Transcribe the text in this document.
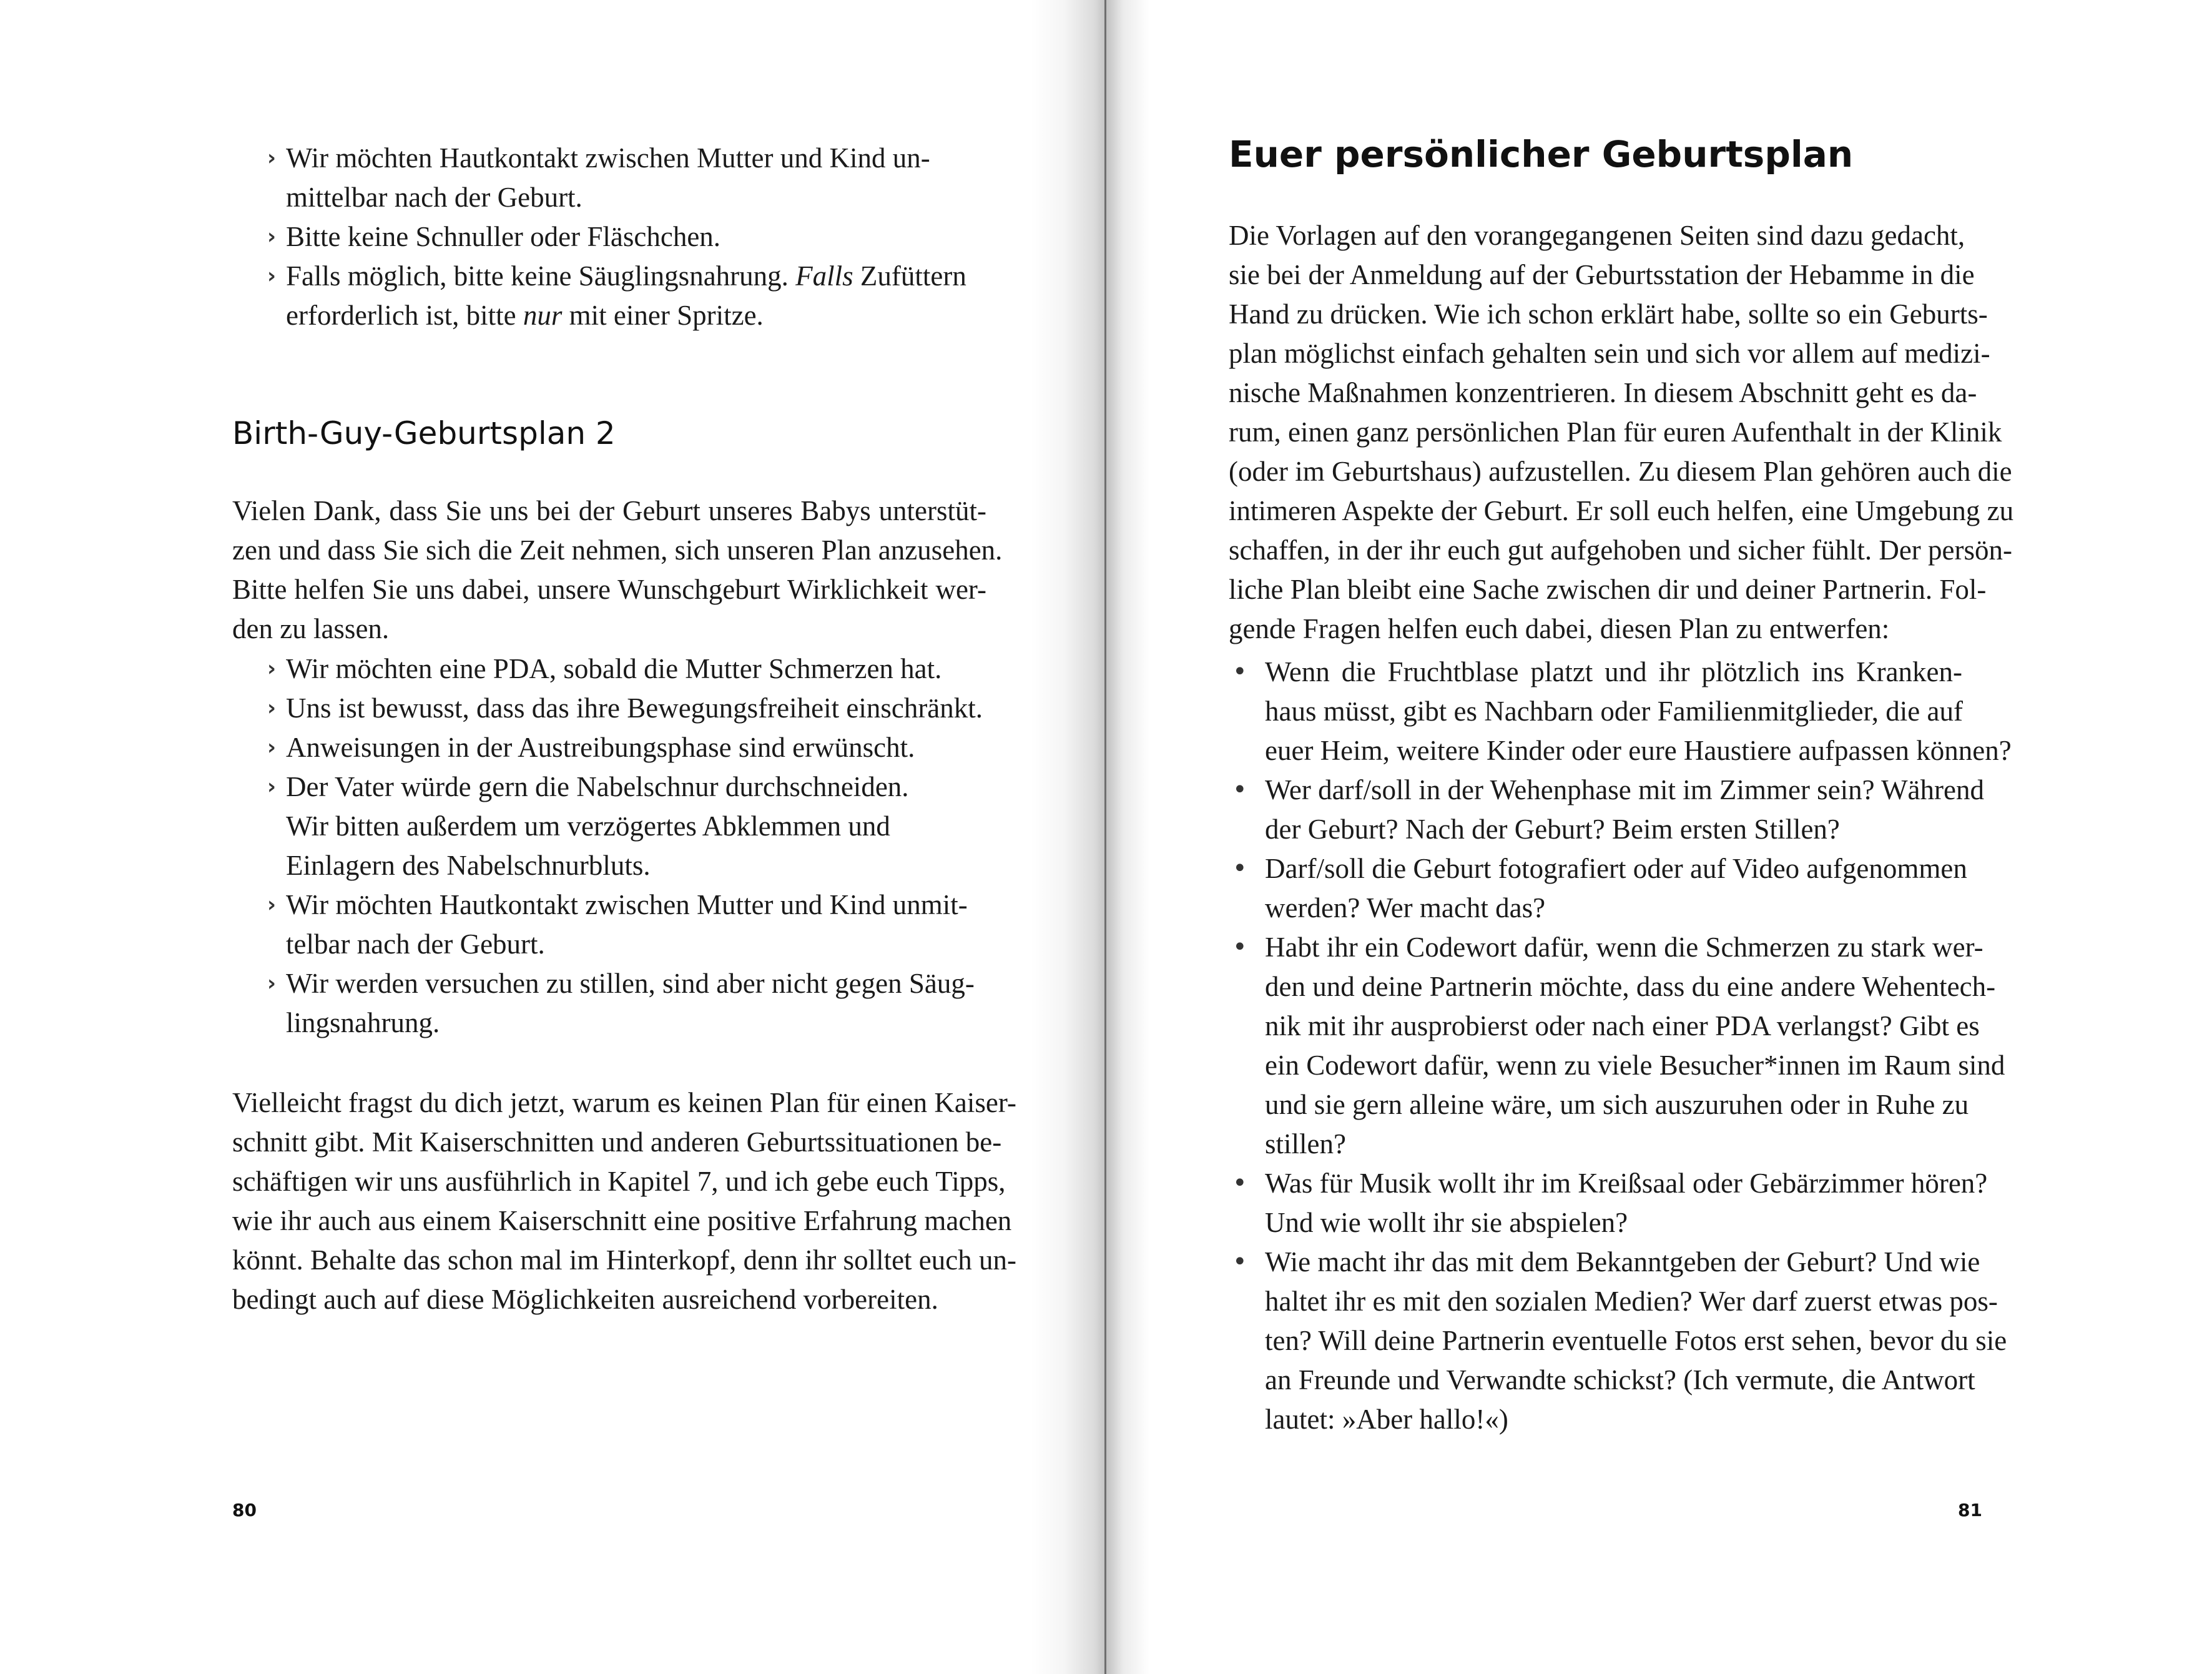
› Wir möchten Hautkontakt zwischen Mutter und Kind un-
mittelbar nach der Geburt.
› Bitte keine Schnuller oder Fläschchen.
› Falls möglich, bitte keine Säuglingsnahrung. Falls Zufüttern
erforderlich ist, bitte nur mit einer Spritze.
Birth-Guy-Geburtsplan 2
Vielen Dank, dass Sie uns bei der Geburt unseres Babys unterstüt-
zen und dass Sie sich die Zeit nehmen, sich unseren Plan anzusehen.
Bitte helfen Sie uns dabei, unsere Wunschgeburt Wirklichkeit wer-
den zu lassen.
› Wir möchten eine PDA, sobald die Mutter Schmerzen hat.
› Uns ist bewusst, dass das ihre Bewegungsfreiheit einschränkt.
› Anweisungen in der Austreibungsphase sind erwünscht.
› Der Vater würde gern die Nabelschnur durchschneiden.
Wir bitten außerdem um verzögertes Abklemmen und
Einlagern des Nabelschnurbluts.
› Wir möchten Hautkontakt zwischen Mutter und Kind unmit-
telbar nach der Geburt.
› Wir werden versuchen zu stillen, sind aber nicht gegen Säug-
lingsnahrung.
Vielleicht fragst du dich jetzt, warum es keinen Plan für einen Kaiser-
schnitt gibt. Mit Kaiserschnitten und anderen Geburtssituationen be-
schäftigen wir uns ausführlich in Kapitel 7, und ich gebe euch Tipps,
wie ihr auch aus einem Kaiserschnitt eine positive Erfahrung machen
könnt. Behalte das schon mal im Hinterkopf, denn ihr solltet euch un-
bedingt auch auf diese Möglichkeiten ausreichend vorbereiten.
80
Euer persönlicher Geburtsplan
Die Vorlagen auf den vorangegangenen Seiten sind dazu gedacht,
sie bei der Anmeldung auf der Geburtsstation der Hebamme in die
Hand zu drücken. Wie ich schon erklärt habe, sollte so ein Geburts-
plan möglichst einfach gehalten sein und sich vor allem auf medizi-
nische Maßnahmen konzentrieren. In diesem Abschnitt geht es da-
rum, einen ganz persönlichen Plan für euren Aufenthalt in der Klinik
(oder im Geburtshaus) aufzustellen. Zu diesem Plan gehören auch die
intimeren Aspekte der Geburt. Er soll euch helfen, eine Umgebung zu
schaffen, in der ihr euch gut aufgehoben und sicher fühlt. Der persön-
liche Plan bleibt eine Sache zwischen dir und deiner Partnerin. Fol-
gende Fragen helfen euch dabei, diesen Plan zu entwerfen:
• Wenn die Fruchtblase platzt und ihr plötzlich ins Kranken-
haus müsst, gibt es Nachbarn oder Familienmitglieder, die auf
euer Heim, weitere Kinder oder eure Haustiere aufpassen können?
• Wer darf/soll in der Wehenphase mit im Zimmer sein? Während
der Geburt? Nach der Geburt? Beim ersten Stillen?
• Darf/soll die Geburt fotografiert oder auf Video aufgenommen
werden? Wer macht das?
• Habt ihr ein Codewort dafür, wenn die Schmerzen zu stark wer-
den und deine Partnerin möchte, dass du eine andere Wehentech-
nik mit ihr ausprobierst oder nach einer PDA verlangst? Gibt es
ein Codewort dafür, wenn zu viele Besucher*innen im Raum sind
und sie gern alleine wäre, um sich auszuruhen oder in Ruhe zu
stillen?
• Was für Musik wollt ihr im Kreißsaal oder Gebärzimmer hören?
Und wie wollt ihr sie abspielen?
• Wie macht ihr das mit dem Bekanntgeben der Geburt? Und wie
haltet ihr es mit den sozialen Medien? Wer darf zuerst etwas pos-
ten? Will deine Partnerin eventuelle Fotos erst sehen, bevor du sie
an Freunde und Verwandte schickst? (Ich vermute, die Antwort
lautet: »Aber hallo!«)
81
